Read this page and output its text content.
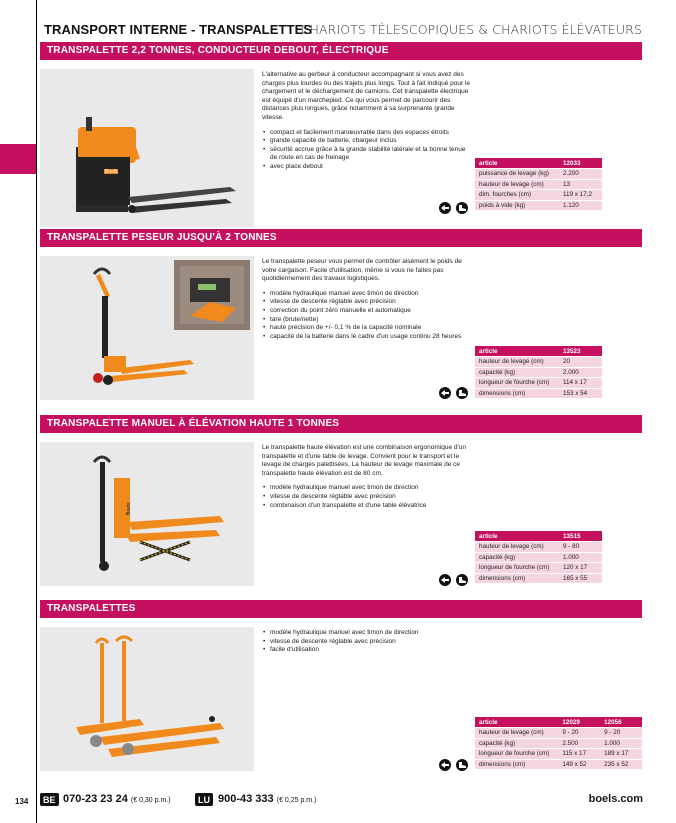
TRANSPORT INTERNE - TRANSPALETTES
CHARIOTS TÉLESCOPIQUES & CHARIOTS ÉLÉVATEURS
TRANSPALETTE 2,2 TONNES, CONDUCTEUR DEBOUT, ÉLECTRIQUE
Boels

L'alternative au gerbeur à conducteur accompagnant si vous avez des charges plus lourdes ou des trajets plus longs. Tout à fait indiqué pour le chargement et le déchargement de camions. Cet transpalette électrique est équipé d'un marchepied. Ce qui vous permet de parcourir des distances plus longues, grâce notamment à sa surprenante grande vitesse.

• compact et facilement manœuvrable dans des espaces étroits
• grande capacité de batterie, chargeur inclus
• sécurité accrue grâce à la grande stabilité latérale et la bonne tenue de route en cas de freinage
• avec place debout	article	12033
puissance de levage (kg)	2.200
hauteur de levage (cm)	13
dim. fourches (cm)	119 x 17,2
poids à vide (kg)	1.120
TRANSPALETTE PESEUR JUSQU'À 2 TONNES

Le transpalette peseur vous permet de contrôler aisément le poids de votre cargaison. Facile d'utilisation, même si vous ne faites pas quotidiennement des travaux logistiques.

• modèle hydraulique manuel avec timon de direction
• vitesse de descente réglable avec précision
• correction du point zéro manuelle et automatique
• tare (brute/nette)
• haute précision de +/- 0,1 % de la capacité nominale
• capacité de la batterie dans le cadre d'un usage continu 28 heures
article	13523
hauteur de levage (cm)	20
capacité (kg)	2.000
longueur de fourche (cm)	114 x 17
dimensions (cm)	153 x 54
TRANSPALETTE MANUEL À ÉLÉVATION HAUTE 1 TONNES
Boels

Le transpalette haute élévation est une combinaison ergonomique d'un transpalette et d'une table de levage. Convient pour le transport et le levage de charges palettisées. La hauteur de levage maximale de ce transpalette haute élévation est de 80 cm.

• modèle hydraulique manuel avec timon de direction
• vitesse de descente réglable avec précision
• combinaison d'un transpalette et d'une table élévatrice
article	13515
hauteur de levage (cm)	9 - 80
capacité (kg)	1.000
longueur de fourche (cm)	120 x 17
dimensions (cm)	165 x 55
TRANSPALETTES
• modèle hydraulique manuel avec timon de direction
• vitesse de descente réglable avec précision
• facile d'utilisation
article	12029	12056
hauteur de levage (cm)	9 - 20	9 - 20
capacité (kg)	2.500	1.000
longueur de fourche (cm)	115 x 17	189 x 17
dimensions (cm)	149 x 52	235 x 52
134	BE 070-23 23 24 (€ 0,30 p.m.)	LU 900-43 333 (€ 0,25 p.m.)	boels.com
